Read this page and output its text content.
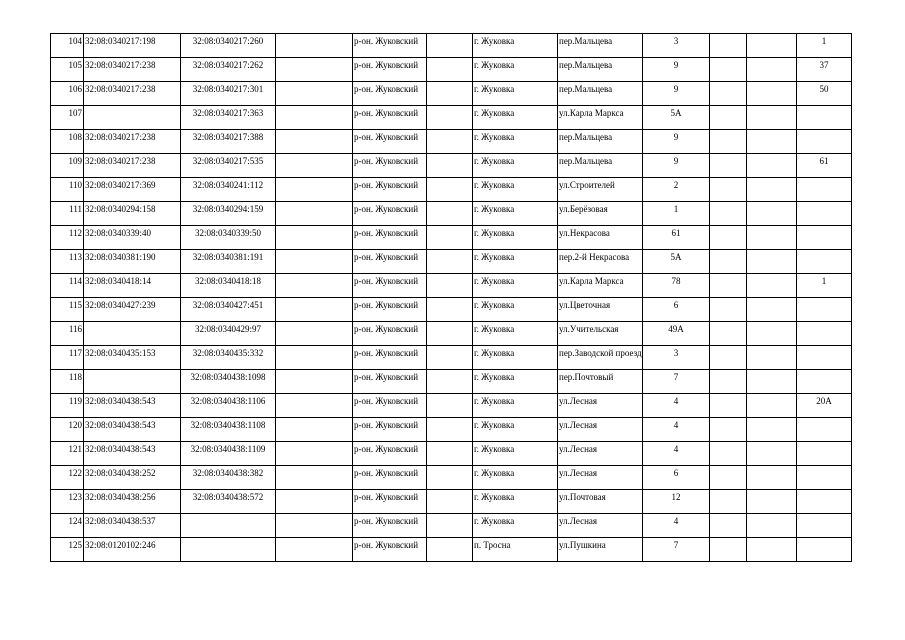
104	32:08:0340217:198	32:08:0340217:260		р-он. Жуковский		г. Жуковка	пер.Мальцева	3			1
105	32:08:0340217:238	32:08:0340217:262		р-он. Жуковский		г. Жуковка	пер.Мальцева	9			37
106	32:08:0340217:238	32:08:0340217:301		р-он. Жуковский		г. Жуковка	пер.Мальцева	9			50
107		32:08:0340217:363		р-он. Жуковский		г. Жуковка	ул.Карла Маркса	5А			
108	32:08:0340217:238	32:08:0340217:388		р-он. Жуковский		г. Жуковка	пер.Мальцева	9			
109	32:08:0340217:238	32:08:0340217:535		р-он. Жуковский		г. Жуковка	пер.Мальцева	9			61
110	32:08:0340217:369	32:08:0340241:112		р-он. Жуковский		г. Жуковка	ул.Строителей	2			
111	32:08:0340294:158	32:08:0340294:159		р-он. Жуковский		г. Жуковка	ул.Берёзовая	1			
112	32:08:0340339:40	32:08:0340339:50		р-он. Жуковский		г. Жуковка	ул.Некрасова	61			
113	32:08:0340381:190	32:08:0340381:191		р-он. Жуковский		г. Жуковка	пер.2-й Некрасова	5А			
114	32:08:0340418:14	32:08:0340418:18		р-он. Жуковский		г. Жуковка	ул.Карла Маркса	78			1
115	32:08:0340427:239	32:08:0340427:451		р-он. Жуковский		г. Жуковка	ул.Цветочная	6			
116		32:08:0340429:97		р-он. Жуковский		г. Жуковка	ул.Учительская	49А			
117	32:08:0340435:153	32:08:0340435:332		р-он. Жуковский		г. Жуковка	пер.Заводской проезд	3			
118		32:08:0340438:1098		р-он. Жуковский		г. Жуковка	пер.Почтовый	7			
119	32:08:0340438:543	32:08:0340438:1106		р-он. Жуковский		г. Жуковка	ул.Лесная	4			20А
120	32:08:0340438:543	32:08:0340438:1108		р-он. Жуковский		г. Жуковка	ул.Лесная	4			
121	32:08:0340438:543	32:08:0340438:1109		р-он. Жуковский		г. Жуковка	ул.Лесная	4			
122	32:08:0340438:252	32:08:0340438:382		р-он. Жуковский		г. Жуковка	ул.Лесная	6			
123	32:08:0340438:256	32:08:0340438:572		р-он. Жуковский		г. Жуковка	ул.Почтовая	12			
124	32:08:0340438:537			р-он. Жуковский		г. Жуковка	ул.Лесная	4			
125	32:08:0120102:246			р-он. Жуковский		п. Тросна	ул.Пушкина	7			
